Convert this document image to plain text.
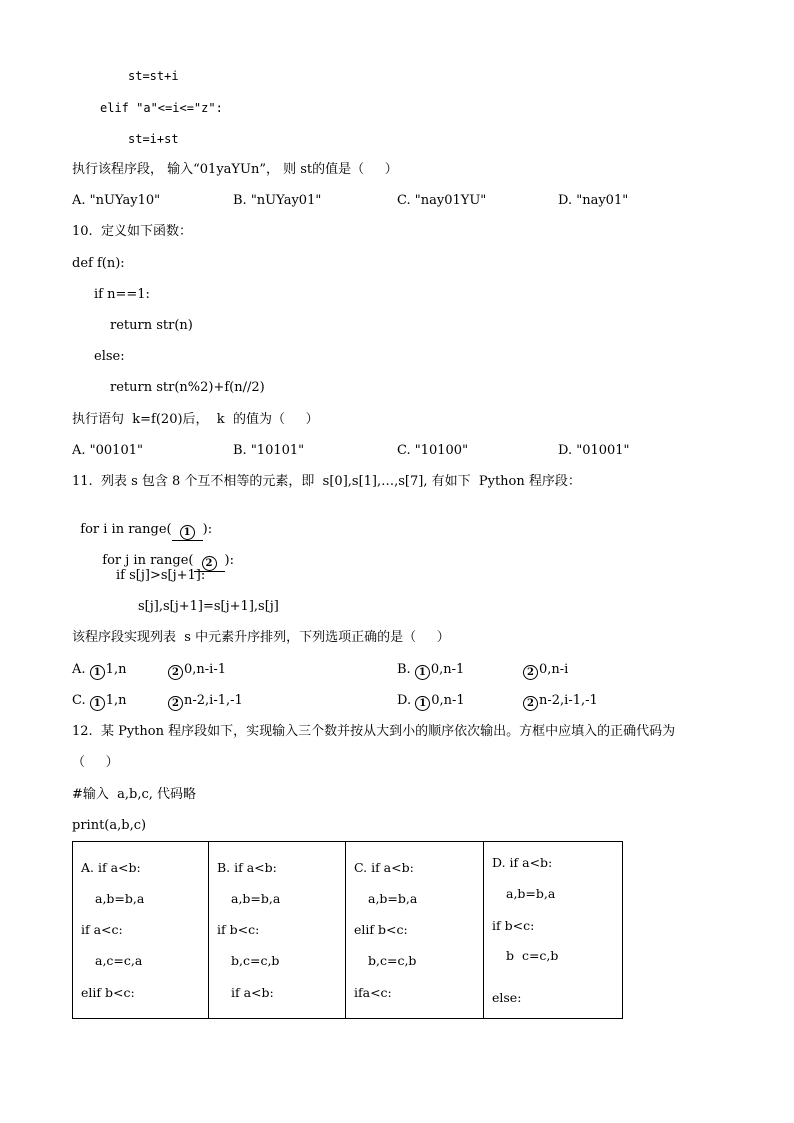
st=st+i
elif "a"<=i<="z":
st=i+st
执行该程序段， 输入“01yaYUn”， 则 st的值是（     ）
A. "nUYay10"	B. "nUYay01"	C. "nay01YU"	D. "nay01"
10.  定义如下函数：
def f(n):
if n==1:
return str(n)
else:
return str(n%2)+f(n//2)
执行语句  k=f(20)后，  k  的值为（     ）
A. "00101"	B. "10101"	C. "10100"	D. "01001"
11.  列表 s 包含 8 个互不相等的元素，即  s[0],s[1],…,s[7], 有如下  Python 程序段：

for i in range( 1 ):

for j in range( 2 ):

if s[j]>s[j+1]:
s[j],s[j+1]=s[j+1],s[j]
该程序段实现列表  s 中元素升序排列，下列选项正确的是（     ）
A. 1 1,n	2 0,n-i-1	B. 1 0,n-1	2 0,n-i
C. 1 1,n	2 n-2,i-1,-1	D. 1 0,n-1	2 n-2,i-1,-1
12.  某 Python 程序段如下，实现输入三个数并按从大到小的顺序依次输出。方框中应填入的正确代码为
（     ）
#输入  a,b,c, 代码略
print(a,b,c)
A. if a<b:
a,b=b,a
if a<c:
a,c=c,a
elif b<c:

B. if a<b:
a,b=b,a
if b<c:
b,c=c,b
if a<b:

C. if a<b:
a,b=b,a
elif b<c:
b,c=c,b
ifa<c:

D. if a<b:
a,b=b,a
if b<c:
b  c=c,b
else:
